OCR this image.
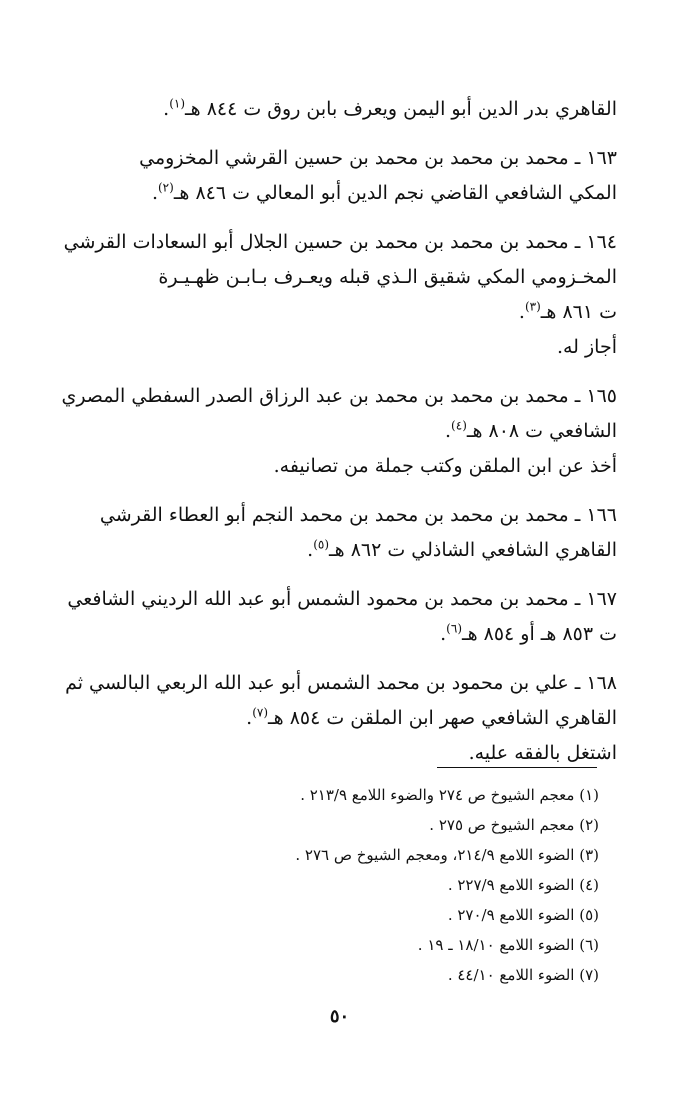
القاهري بدر الدين أبو اليمن ويعرف بابن روق ت ٨٤٤ هـ$^{(١)}$.
١٦٣ ـ محمد بن محمد بن محمد بن حسين القرشي المخزومي
المكي الشافعي القاضي نجم الدين أبو المعالي ت ٨٤٦ هـ$^{(٢)}$.
١٦٤ ـ محمد بن محمد بن محمد بن حسين الجلال أبو السعادات القرشي
المخـزومي المكي شقيق الـذي قبله ويعـرف بـابـن ظهـيـرة
ت ٨٦١ هـ$^{(٣)}$.
أجاز له.
١٦٥ ـ محمد بن محمد بن محمد بن عبد الرزاق الصدر السفطي المصري
الشافعي ت ٨٠٨ هـ$^{(٤)}$.
أخذ عن ابن الملقن وكتب جملة من تصانيفه.
١٦٦ ـ محمد بن محمد بن محمد بن محمد النجم أبو العطاء القرشي
القاهري الشافعي الشاذلي ت ٨٦٢ هـ$^{(٥)}$.
١٦٧ ـ محمد بن محمد بن محمود الشمس أبو عبد الله الرديني الشافعي
ت ٨٥٣ هـ أو ٨٥٤ هـ$^{(٦)}$.
١٦٨ ـ علي بن محمود بن محمد الشمس أبو عبد الله الربعي البالسي ثم
القاهري الشافعي صهر ابن الملقن ت ٨٥٤ هـ$^{(٧)}$.
اشتغل بالفقه عليه.
(١) معجم الشيوخ ص ٢٧٤ والضوء اللامع ٢١٣/٩ .
(٢) معجم الشيوخ ص ٢٧٥ .
(٣) الضوء اللامع ٢١٤/٩، ومعجم الشيوخ ص ٢٧٦ .
(٤) الضوء اللامع ٢٢٧/٩ .
(٥) الضوء اللامع ٢٧٠/٩ .
(٦) الضوء اللامع ١٨/١٠ ـ ١٩ .
(٧) الضوء اللامع ٤٤/١٠ .
٥٠
